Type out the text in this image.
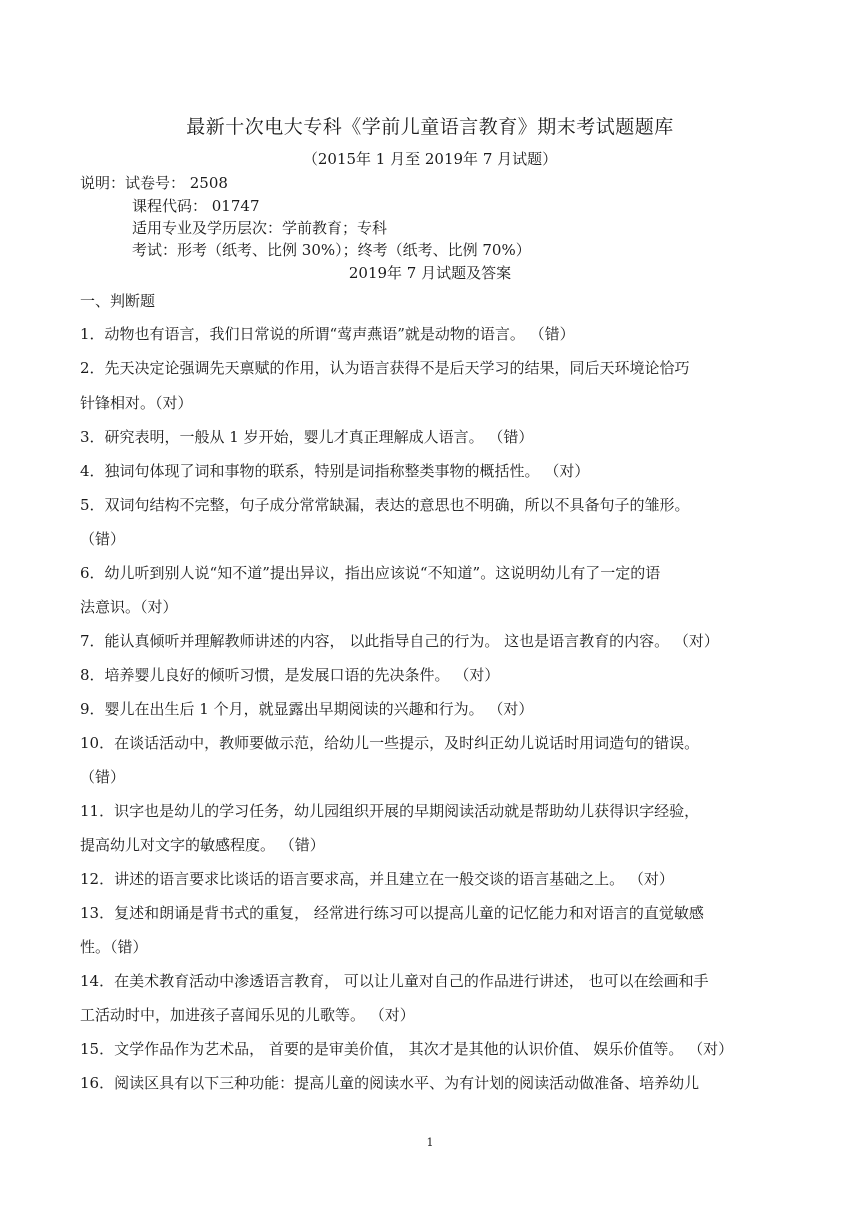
最新十次电大专科《学前儿童语言教育》期末考试题题库
（2015年 1 月至 2019年 7 月试题）
说明：试卷号： 2508
课程代码： 01747
适用专业及学历层次：学前教育；专科
考试：形考（纸考、比例 30%）；终考（纸考、比例 70%）
2019年 7 月试题及答案
一、判断题
1．动物也有语言，我们日常说的所谓“莺声燕语”就是动物的语言。 （错）
2．先天决定论强调先天禀赋的作用，认为语言获得不是后天学习的结果，同后天环境论恰巧
针锋相对。（对）
3．研究表明，一般从 1 岁开始，婴儿才真正理解成人语言。 （错）
4．独词句体现了词和事物的联系，特别是词指称整类事物的概括性。 （对）
5．双词句结构不完整，句子成分常常缺漏，表达的意思也不明确，所以不具备句子的雏形。
（错）
6．幼儿听到别人说“知不道”提出异议，指出应该说“不知道”。这说明幼儿有了一定的语
法意识。（对）
7．能认真倾听并理解教师讲述的内容， 以此指导自己的行为。 这也是语言教育的内容。 （对）
8．培养婴儿良好的倾听习惯，是发展口语的先决条件。 （对）
9．婴儿在出生后 1 个月，就显露出早期阅读的兴趣和行为。 （对）
10．在谈话活动中，教师要做示范，给幼儿一些提示，及时纠正幼儿说话时用词造句的错误。
（错）
11．识字也是幼儿的学习任务，幼儿园组织开展的早期阅读活动就是帮助幼儿获得识字经验，
提高幼儿对文字的敏感程度。 （错）
12．讲述的语言要求比谈话的语言要求高，并且建立在一般交谈的语言基础之上。 （对）
13．复述和朗诵是背书式的重复， 经常进行练习可以提高儿童的记忆能力和对语言的直觉敏感
性。（错）
14．在美术教育活动中渗透语言教育， 可以让儿童对自己的作品进行讲述， 也可以在绘画和手
工活动时中，加进孩子喜闻乐见的儿歌等。 （对）
15．文学作品作为艺术品， 首要的是审美价值， 其次才是其他的认识价值、 娱乐价值等。 （对）
16．阅读区具有以下三种功能：提高儿童的阅读水平、为有计划的阅读活动做准备、培养幼儿
1
